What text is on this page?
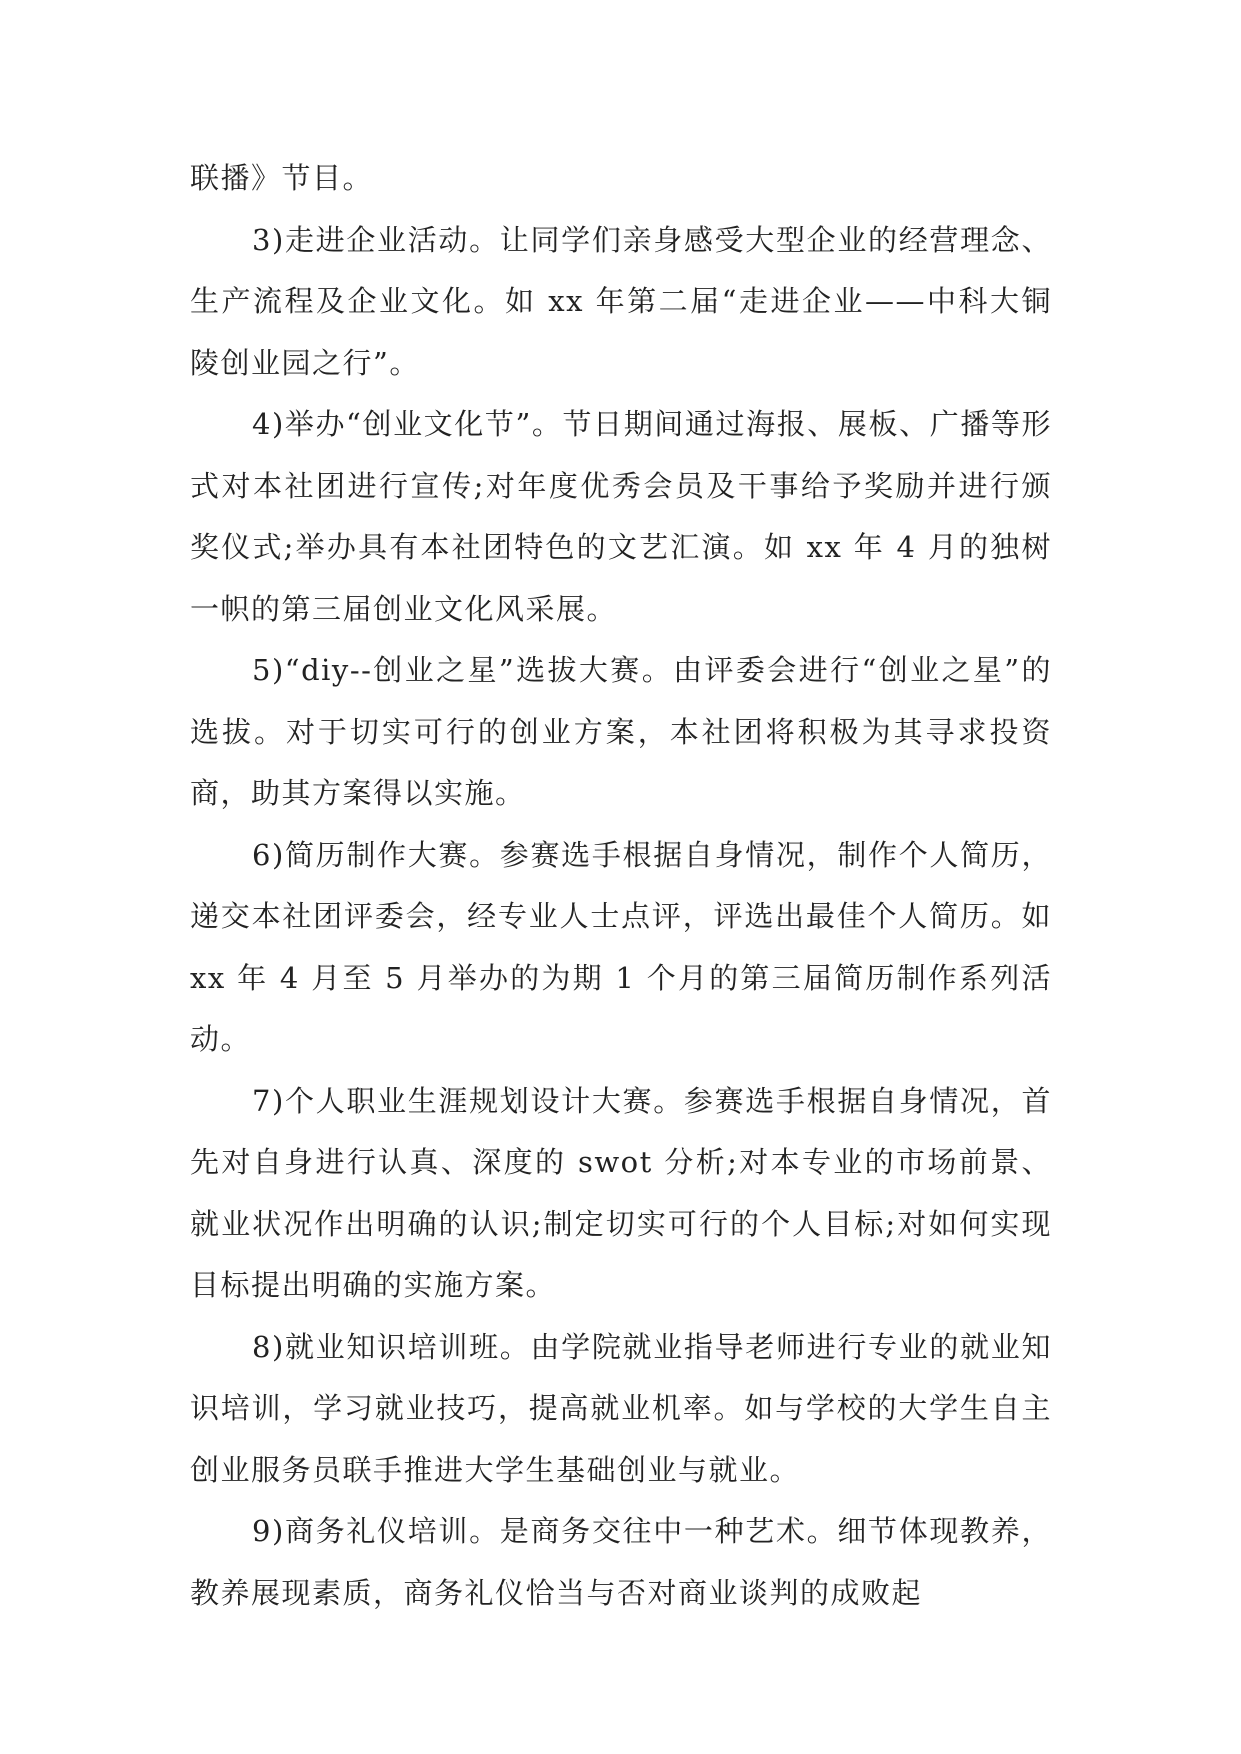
联播》节目。

3)走进企业活动。让同学们亲身感受大型企业的经营理念、生产流程及企业文化。如 xx 年第二届“走进企业——中科大铜陵创业园之行”。

4)举办“创业文化节”。节日期间通过海报、展板、广播等形式对本社团进行宣传;对年度优秀会员及干事给予奖励并进行颁奖仪式;举办具有本社团特色的文艺汇演。如 xx 年 4 月的独树一帜的第三届创业文化风采展。

5)“diy--创业之星”选拔大赛。由评委会进行“创业之星”的选拔。对于切实可行的创业方案，本社团将积极为其寻求投资商，助其方案得以实施。

6)简历制作大赛。参赛选手根据自身情况，制作个人简历，递交本社团评委会，经专业人士点评，评选出最佳个人简历。如 xx 年 4 月至 5 月举办的为期 1 个月的第三届简历制作系列活动。

7)个人职业生涯规划设计大赛。参赛选手根据自身情况，首先对自身进行认真、深度的 swot 分析;对本专业的市场前景、就业状况作出明确的认识;制定切实可行的个人目标;对如何实现目标提出明确的实施方案。

8)就业知识培训班。由学院就业指导老师进行专业的就业知识培训，学习就业技巧，提高就业机率。如与学校的大学生自主创业服务员联手推进大学生基础创业与就业。

9)商务礼仪培训。是商务交往中一种艺术。细节体现教养，教养展现素质，商务礼仪恰当与否对商业谈判的成败起
